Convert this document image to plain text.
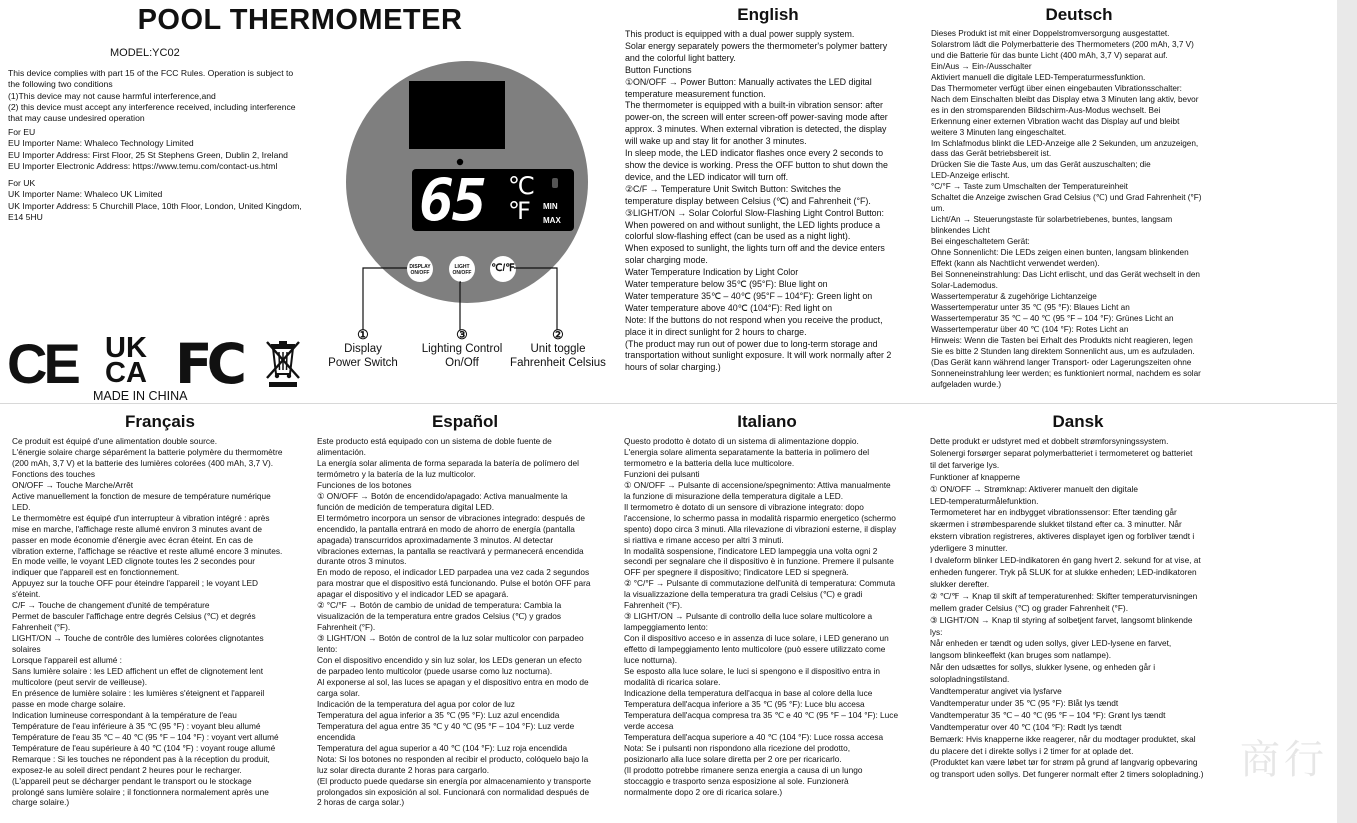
POOL THERMOMETER
MODEL:YC02
This device complies with part 15 of the FCC Rules. Operation is subject to
the following two conditions
(1)This device may not cause harmful interference,and
(2) this device must accept any interference received, including interference
that may cause undesired operation
For EU
EU Importer Name: Whaleco Technology Limited
EU Importer Address: First Floor, 25 St Stephens Green, Dublin 2, Ireland
EU Importer Electronic Address: https://www.temu.com/contact-us.html
For UK
UK Importer Name: Whaleco UK Limited
UK Importer Address: 5 Churchill Place, 10th Floor, London, United Kingdom,
E14 5HU
CE UK
CA FC
MADE IN CHINA
65 ℃
℉ MIN
MAX
DISPLAY
ON/OFF
LIGHT
ON/OFF	℃/℉
①
Display
Power Switch
③
Lighting Control
On/Off
②
Unit toggle
Fahrenheit Celsius
English
This product is equipped with a dual power supply system.
Solar energy separately powers the thermometer's polymer battery
and the colorful light battery.
Button Functions
①ON/OFF → Power Button: Manually activates the LED digital
temperature measurement function.
The thermometer is equipped with a built-in vibration sensor: after
power-on, the screen will enter screen-off power-saving mode after
approx. 3 minutes. When external vibration is detected, the display
will wake up and stay lit for another 3 minutes.
In sleep mode, the LED indicator flashes once every 2 seconds to
show the device is working. Press the OFF button to shut down the
device, and the LED indicator will turn off.
②C/F → Temperature Unit Switch Button: Switches the
temperature display between Celsius (℃) and Fahrenheit (°F).
③LIGHT/ON → Solar Colorful Slow-Flashing Light Control Button:
When powered on and without sunlight, the LED lights produce a
colorful slow-flashing effect (can be used as a night light).
When exposed to sunlight, the lights turn off and the device enters
solar charging mode.
Water Temperature Indication by Light Color
Water temperature below 35℃ (95°F): Blue light on
Water temperature 35℃ – 40℃ (95°F – 104°F): Green light on
Water temperature above 40℃ (104°F): Red light on
Note: If the buttons do not respond when you receive the product,
place it in direct sunlight for 2 hours to charge.
(The product may run out of power due to long-term storage and
transportation without sunlight exposure. It will work normally after 2
hours of solar charging.)
Deutsch
Dieses Produkt ist mit einer Doppelstromversorgung ausgestattet.
Solarstrom lädt die Polymerbatterie des Thermometers (200 mAh, 3,7 V)
und die Batterie für das bunte Licht (400 mAh, 3,7 V) separat auf.
Ein/Aus → Ein-/Ausschalter
Aktiviert manuell die digitale LED-Temperaturmessfunktion.
Das Thermometer verfügt über einen eingebauten Vibrationsschalter:
Nach dem Einschalten bleibt das Display etwa 3 Minuten lang aktiv, bevor
es in den stromsparenden Bildschirm-Aus-Modus wechselt. Bei
Erkennung einer externen Vibration wacht das Display auf und bleibt
weitere 3 Minuten lang eingeschaltet.
Im Schlafmodus blinkt die LED-Anzeige alle 2 Sekunden, um anzuzeigen,
dass das Gerät betriebsbereit ist.
Drücken Sie die Taste Aus, um das Gerät auszuschalten; die
LED-Anzeige erlischt.
°C/°F → Taste zum Umschalten der Temperatureinheit
Schaltet die Anzeige zwischen Grad Celsius (℃) und Grad Fahrenheit (°F)
um.
Licht/An → Steuerungstaste für solarbetriebenes, buntes, langsam
blinkendes Licht
Bei eingeschaltetem Gerät:
Ohne Sonnenlicht: Die LEDs zeigen einen bunten, langsam blinkenden
Effekt (kann als Nachtlicht verwendet werden).
Bei Sonneneinstrahlung: Das Licht erlischt, und das Gerät wechselt in den
Solar-Lademodus.
Wassertemperatur & zugehörige Lichtanzeige
Wassertemperatur unter 35 ℃ (95 °F): Blaues Licht an
Wassertemperatur 35 ℃ – 40 ℃ (95 °F – 104 °F): Grünes Licht an
Wassertemperatur über 40 ℃ (104 °F): Rotes Licht an
Hinweis: Wenn die Tasten bei Erhalt des Produkts nicht reagieren, legen
Sie es bitte 2 Stunden lang direktem Sonnenlicht aus, um es aufzuladen.
(Das Gerät kann während langer Transport- oder Lagerungszeiten ohne
Sonneneinstrahlung leer werden; es funktioniert normal, nachdem es solar
aufgeladen wurde.)
Français
Ce produit est équipé d'une alimentation double source.
L'énergie solaire charge séparément la batterie polymère du thermomètre
(200 mAh, 3,7 V) et la batterie des lumières colorées (400 mAh, 3,7 V).
Fonctions des touches
ON/OFF → Touche Marche/Arrêt
Active manuellement la fonction de mesure de température numérique
LED.
Le thermomètre est équipé d'un interrupteur à vibration intégré : après
mise en marche, l'affichage reste allumé environ 3 minutes avant de
passer en mode économie d'énergie avec écran éteint. En cas de
vibration externe, l'affichage se réactive et reste allumé encore 3 minutes.
En mode veille, le voyant LED clignote toutes les 2 secondes pour
indiquer que l'appareil est en fonctionnement.
Appuyez sur la touche OFF pour éteindre l'appareil ; le voyant LED
s'éteint.
C/F → Touche de changement d'unité de température
Permet de basculer l'affichage entre degrés Celsius (℃) et degrés
Fahrenheit (°F).
LIGHT/ON → Touche de contrôle des lumières colorées clignotantes
solaires
Lorsque l'appareil est allumé :
Sans lumière solaire : les LED affichent un effet de clignotement lent
multicolore (peut servir de veilleuse).
En présence de lumière solaire : les lumières s'éteignent et l'appareil
passe en mode charge solaire.
Indication lumineuse correspondant à la température de l'eau
Température de l'eau inférieure à 35 ℃ (95 °F) : voyant bleu allumé
Température de l'eau 35 ℃ – 40 ℃ (95 °F – 104 °F) : voyant vert allumé
Température de l'eau supérieure à 40 ℃ (104 °F) : voyant rouge allumé
Remarque : Si les touches ne répondent pas à la réception du produit,
exposez-le au soleil direct pendant 2 heures pour le recharger.
(L'appareil peut se décharger pendant le transport ou le stockage
prolongé sans lumière solaire ; il fonctionnera normalement après une
charge solaire.)
Español
Este producto está equipado con un sistema de doble fuente de
alimentación.
La energía solar alimenta de forma separada la batería de polímero del
termómetro y la batería de la luz multicolor.
Funciones de los botones
① ON/OFF → Botón de encendido/apagado: Activa manualmente la
función de medición de temperatura digital LED.
El termómetro incorpora un sensor de vibraciones integrado: después de
encendido, la pantalla entrará en modo de ahorro de energía (pantalla
apagada) transcurridos aproximadamente 3 minutos. Al detectar
vibraciones externas, la pantalla se reactivará y permanecerá encendida
durante otros 3 minutos.
En modo de reposo, el indicador LED parpadea una vez cada 2 segundos
para mostrar que el dispositivo está funcionando. Pulse el botón OFF para
apagar el dispositivo y el indicador LED se apagará.
② °C/°F → Botón de cambio de unidad de temperatura: Cambia la
visualización de la temperatura entre grados Celsius (℃) y grados
Fahrenheit (°F).
③ LIGHT/ON → Botón de control de la luz solar multicolor con parpadeo
lento:
Con el dispositivo encendido y sin luz solar, los LEDs generan un efecto
de parpadeo lento multicolor (puede usarse como luz nocturna).
Al exponerse al sol, las luces se apagan y el dispositivo entra en modo de
carga solar.
Indicación de la temperatura del agua por color de luz
Temperatura del agua inferior a 35 ℃ (95 °F): Luz azul encendida
Temperatura del agua entre 35 ℃ y 40 ℃ (95 °F – 104 °F): Luz verde
encendida
Temperatura del agua superior a 40 ℃ (104 °F): Luz roja encendida
Nota: Si los botones no responden al recibir el producto, colóquelo bajo la
luz solar directa durante 2 horas para cargarlo.
(El producto puede quedarse sin energía por almacenamiento y transporte
prolongados sin exposición al sol. Funcionará con normalidad después de
2 horas de carga solar.)
Italiano
Questo prodotto è dotato di un sistema di alimentazione doppio.
L'energia solare alimenta separatamente la batteria in polimero del
termometro e la batteria della luce multicolore.
Funzioni dei pulsanti
① ON/OFF → Pulsante di accensione/spegnimento: Attiva manualmente
la funzione di misurazione della temperatura digitale a LED.
Il termometro è dotato di un sensore di vibrazione integrato: dopo
l'accensione, lo schermo passa in modalità risparmio energetico (schermo
spento) dopo circa 3 minuti. Alla rilevazione di vibrazioni esterne, il display
si riattiva e rimane acceso per altri 3 minuti.
In modalità sospensione, l'indicatore LED lampeggia una volta ogni 2
secondi per segnalare che il dispositivo è in funzione. Premere il pulsante
OFF per spegnere il dispositivo; l'indicatore LED si spegnerà.
② °C/°F → Pulsante di commutazione dell'unità di temperatura: Commuta
la visualizzazione della temperatura tra gradi Celsius (℃) e gradi
Fahrenheit (°F).
③ LIGHT/ON → Pulsante di controllo della luce solare multicolore a
lampeggiamento lento:
Con il dispositivo acceso e in assenza di luce solare, i LED generano un
effetto di lampeggiamento lento multicolore (può essere utilizzato come
luce notturna).
Se esposto alla luce solare, le luci si spengono e il dispositivo entra in
modalità di ricarica solare.
Indicazione della temperatura dell'acqua in base al colore della luce
Temperatura dell'acqua inferiore a 35 ℃ (95 °F): Luce blu accesa
Temperatura dell'acqua compresa tra 35 ℃ e 40 ℃ (95 °F – 104 °F): Luce
verde accesa
Temperatura dell'acqua superiore a 40 ℃ (104 °F): Luce rossa accesa
Nota: Se i pulsanti non rispondono alla ricezione del prodotto,
posizionarlo alla luce solare diretta per 2 ore per ricaricarlo.
(Il prodotto potrebbe rimanere senza energia a causa di un lungo
stoccaggio e trasporto senza esposizione al sole. Funzionerà
normalmente dopo 2 ore di ricarica solare.)
Dansk
Dette produkt er udstyret med et dobbelt strømforsyningssystem.
Solenergi forsørger separat polymerbatteriet i termometeret og batteriet
til det farverige lys.
Funktioner af knapperne
① ON/OFF → Strømknap: Aktiverer manuelt den digitale
LED-temperaturmålefunktion.
Termometeret har en indbygget vibrationssensor: Efter tænding går
skærmen i strømbesparende slukket tilstand efter ca. 3 minutter. Når
ekstern vibration registreres, aktiveres displayet igen og forbliver tændt i
yderligere 3 minutter.
I dvaleform blinker LED-indikatoren én gang hvert 2. sekund for at vise, at
enheden fungerer. Tryk på SLUK for at slukke enheden; LED-indikatoren
slukker derefter.
② ℃/℉ → Knap til skift af temperaturenhed: Skifter temperaturvisningen
mellem grader Celsius (℃) og grader Fahrenheit (°F).
③ LIGHT/ON → Knap til styring af solbetjent farvet, langsomt blinkende
lys:
Når enheden er tændt og uden sollys, giver LED-lysene en farvet,
langsom blinkeeffekt (kan bruges som natlampe).
Når den udsættes for sollys, slukker lysene, og enheden går i
solopladningstilstand.
Vandtemperatur angivet via lysfarve
Vandtemperatur under 35 ℃ (95 °F): Blåt lys tændt
Vandtemperatur 35 ℃ – 40 ℃ (95 °F – 104 °F): Grønt lys tændt
Vandtemperatur over 40 ℃ (104 °F): Rødt lys tændt
Bemærk: Hvis knapperne ikke reagerer, når du modtager produktet, skal
du placere det i direkte sollys i 2 timer for at oplade det.
(Produktet kan være løbet tør for strøm på grund af langvarig opbevaring
og transport uden sollys. Det fungerer normalt efter 2 timers solopladning.) 商行
